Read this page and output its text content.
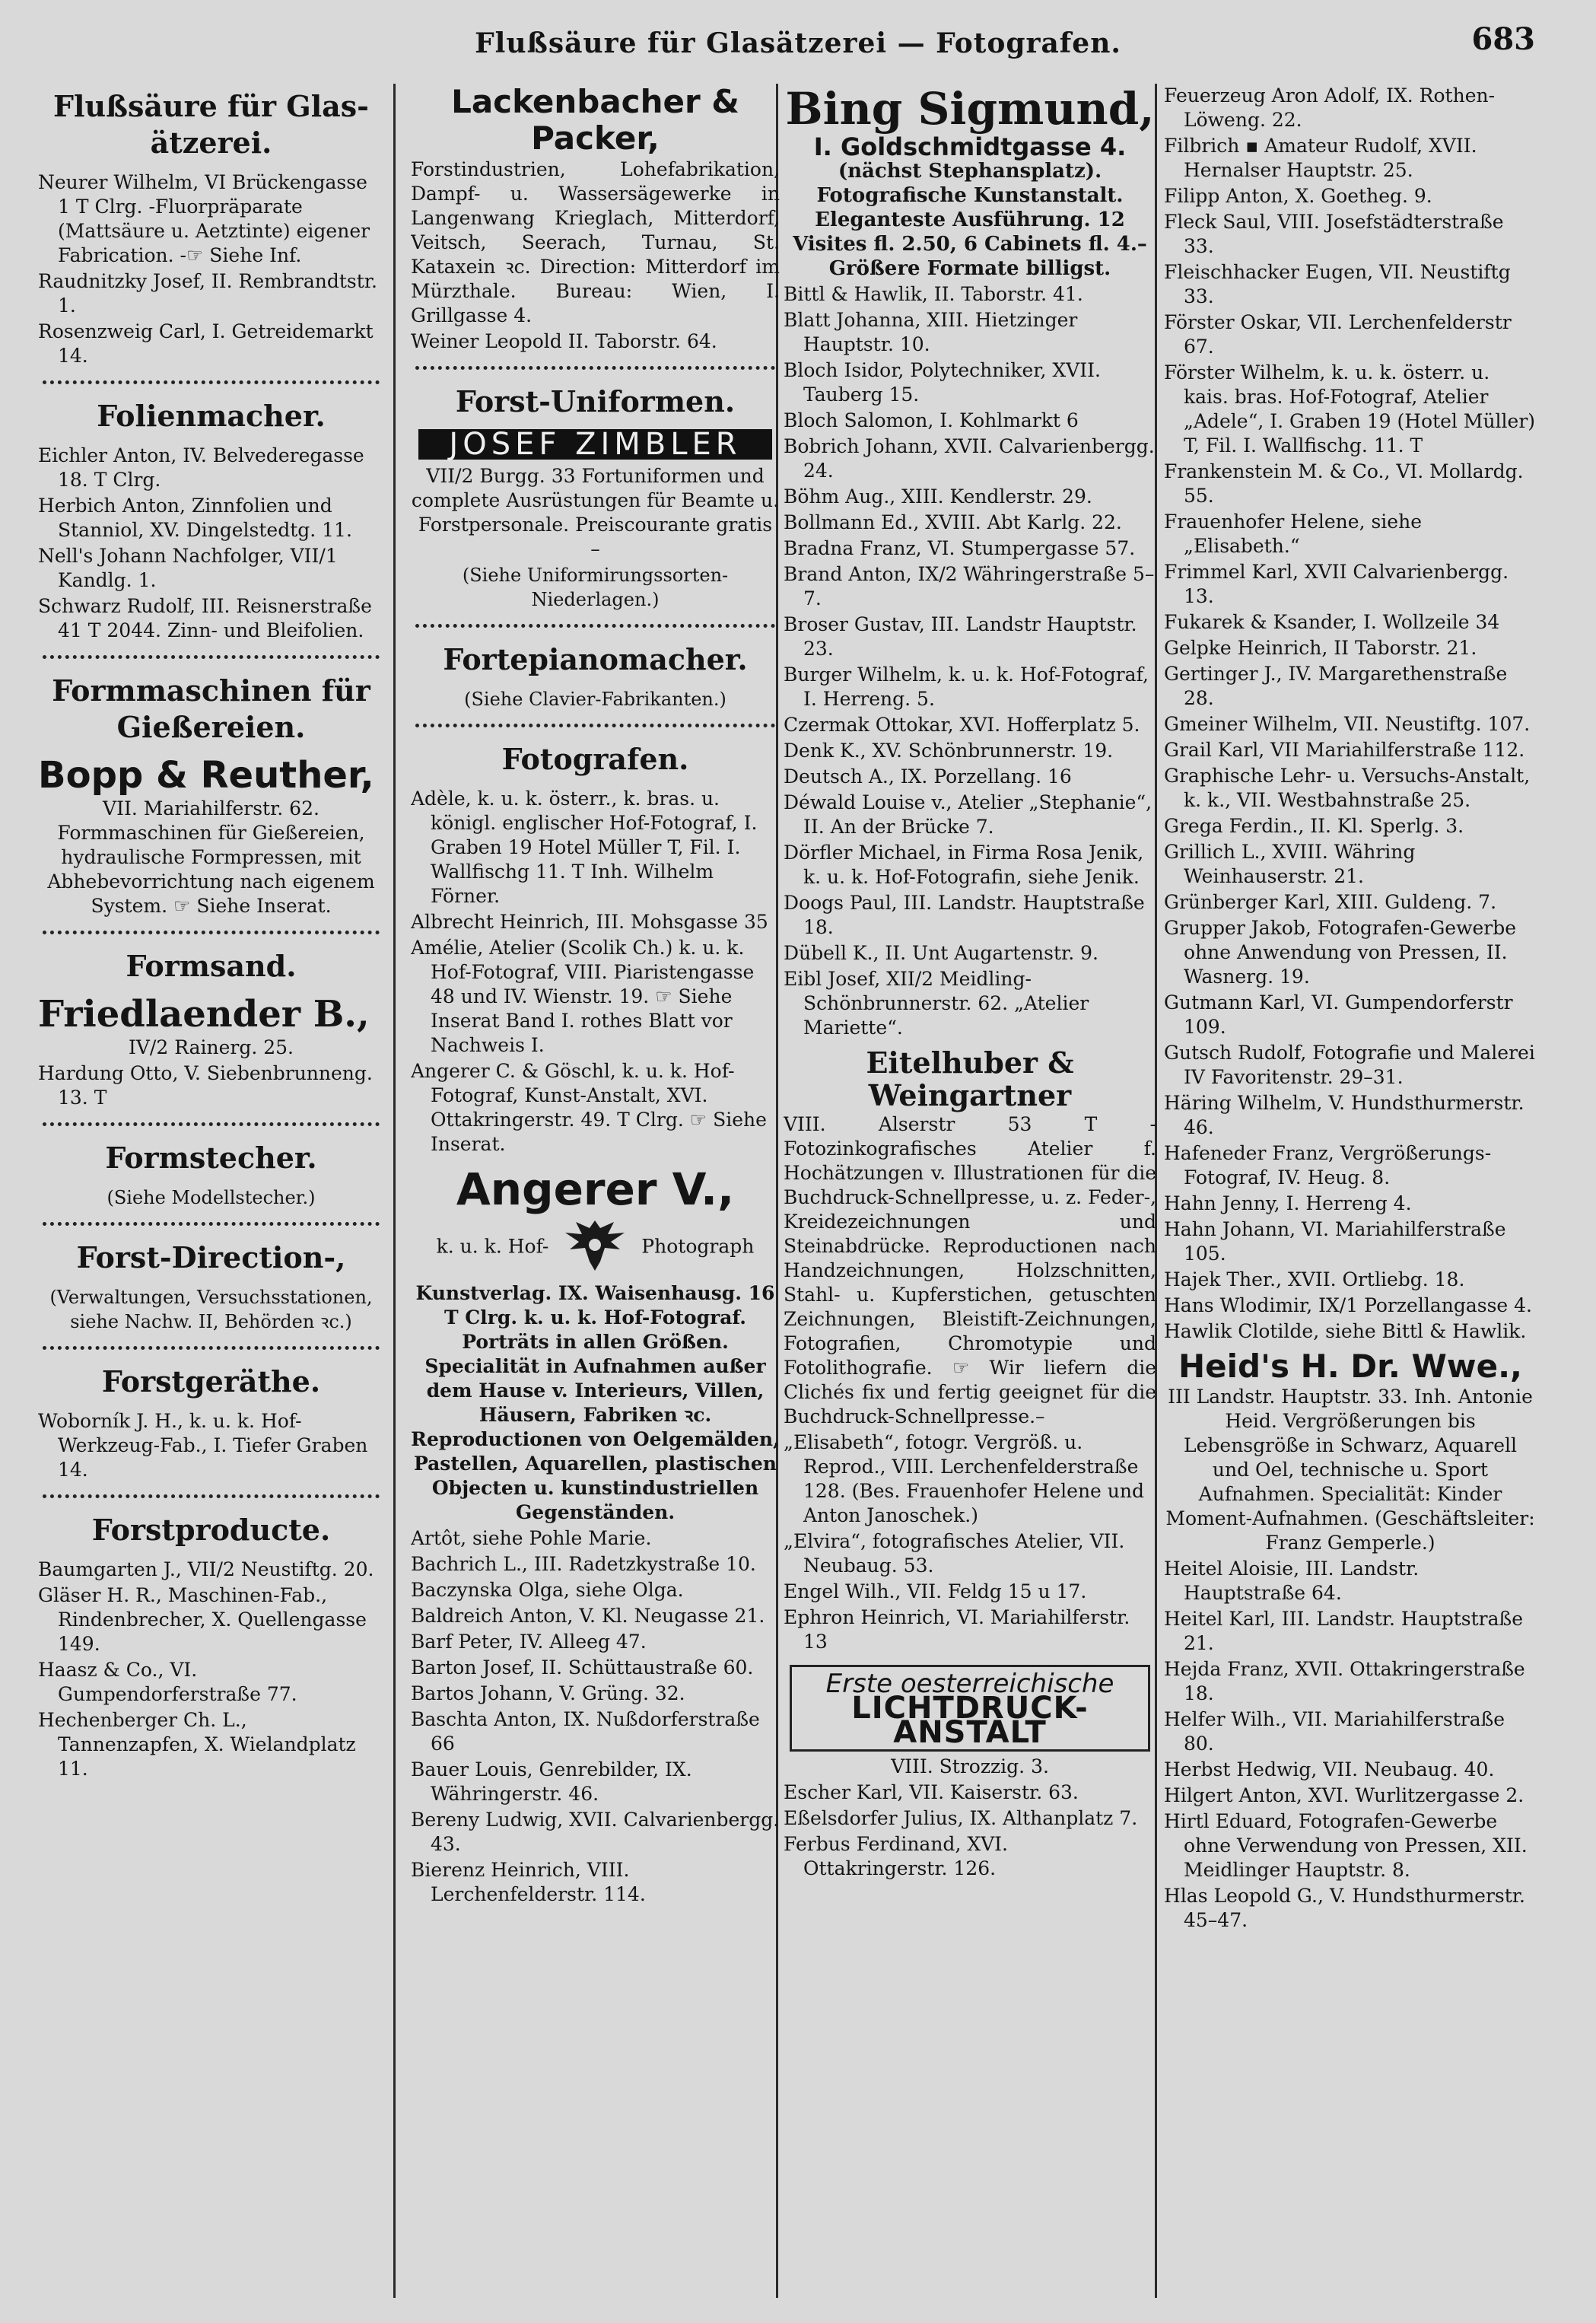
Flußsäure für Glasätzerei — Fotografen.	683
Flußsäure für Glas-ätzerei.

Neurer Wilhelm, VI Brückengasse 1 T Clrg. -Fluorpräparate (Mattsäure u. Aetztinte) eigener Fabrication. -☞ Siehe Inf.

Raudnitzky Josef, II. Rembrandtstr. 1.

Rosenzweig Carl, I. Getreidemarkt 14.

Folienmacher.

Eichler Anton, IV. Belvederegasse 18. T Clrg.

Herbich Anton, Zinnfolien und Stanniol, XV. Dingelstedtg. 11.

Nell's Johann Nachfolger, VII/1 Kandlg. 1.

Schwarz Rudolf, III. Reisnerstraße 41 T 2044. Zinn- und Bleifolien.

Formmaschinen für Gießereien.
Bopp & Reuther,

VII. Mariahilferstr. 62. Formmaschinen für Gießereien, hydraulische Formpressen, mit Abhebevorrichtung nach eigenem System. ☞ Siehe Inserat.

Formsand.
Friedlaender B.,

IV/2 Rainerg. 25.

Hardung Otto, V. Siebenbrunneng. 13. T

Formstecher.
(Siehe Modellstecher.)
Forst-Direction-,
(Verwaltungen, Versuchsstationen, siehe Nachw. II, Behörden ꝛc.)
Forstgeräthe.

Woborník J. H., k. u. k. Hof-Werkzeug-Fab., I. Tiefer Graben 14.

Forstproducte.

Baumgarten J., VII/2 Neustiftg. 20.

Gläser H. R., Maschinen-Fab., Rindenbrecher, X. Quellengasse 149.

Haasz & Co., VI. Gumpendorferstraße 77.

Hechenberger Ch. L., Tannenzapfen, X. Wielandplatz 11.

Lackenbacher & Packer,

Forstindustrien, Lohefabrikation, Dampf- u. Wassersägewerke in Langenwang Krieglach, Mitterdorf, Veitsch, Seerach, Turnau, St. Kataxein ꝛc. Direction: Mitterdorf im Mürzthale. Bureau: Wien, I. Grillgasse 4.

Weiner Leopold II. Taborstr. 64.

Forst-Uniformen.
JOSEF ZIMBLER

VII/2 Burgg. 33 Fortuniformen und complete Ausrüstungen für Beamte u. Forstpersonale. Preiscourante gratis –

(Siehe Uniformirungssorten-Niederlagen.)
Fortepianomacher.
(Siehe Clavier-Fabrikanten.)
Fotografen.

Adèle, k. u. k. österr., k. bras. u. königl. englischer Hof-Fotograf, I. Graben 19 Hotel Müller T, Fil. I. Wallfischg 11. T Inh. Wilhelm Förner.

Albrecht Heinrich, III. Mohsgasse 35

Amélie, Atelier (Scolik Ch.) k. u. k. Hof-Fotograf, VIII. Piaristengasse 48 und IV. Wienstr. 19. ☞ Siehe Inserat Band I. rothes Blatt vor Nachweis I.

Angerer C. & Göschl, k. u. k. Hof-Fotograf, Kunst-Anstalt, XVI. Ottakringerstr. 49. T Clrg. ☞ Siehe Inserat.

Angerer V.,
k. u. k. Hof-	Photograph

Kunstverlag. IX. Waisenhausg. 16 T Clrg. k. u. k. Hof-Fotograf. Porträts in allen Größen. Specialität in Aufnahmen außer dem Hause v. Interieurs, Villen, Häusern, Fabriken ꝛc. Reproductionen von Oelgemälden, Pastellen, Aquarellen, plastischen Objecten u. kunstindustriellen Gegenständen.

Artôt, siehe Pohle Marie.

Bachrich L., III. Radetzkystraße 10.

Baczynska Olga, siehe Olga.

Baldreich Anton, V. Kl. Neugasse 21.

Barf Peter, IV. Alleeg 47.

Barton Josef, II. Schüttaustraße 60.

Bartos Johann, V. Grüng. 32.

Baschta Anton, IX. Nußdorferstraße 66

Bauer Louis, Genrebilder, IX. Währingerstr. 46.

Bereny Ludwig, XVII. Calvarienbergg. 43.

Bierenz Heinrich, VIII. Lerchenfelderstr. 114.

Bing Sigmund,
I. Goldschmidtgasse 4.

(nächst Stephansplatz). Fotografische Kunstanstalt. Eleganteste Ausführung. 12 Visites fl. 2.50, 6 Cabinets fl. 4.– Größere Formate billigst.

Bittl & Hawlik, II. Taborstr. 41.

Blatt Johanna, XIII. Hietzinger Hauptstr. 10.

Bloch Isidor, Polytechniker, XVII. Tauberg 15.

Bloch Salomon, I. Kohlmarkt 6

Bobrich Johann, XVII. Calvarienbergg. 24.

Böhm Aug., XIII. Kendlerstr. 29.

Bollmann Ed., XVIII. Abt Karlg. 22.

Bradna Franz, VI. Stumpergasse 57.

Brand Anton, IX/2 Währingerstraße 5–7.

Broser Gustav, III. Landstr Hauptstr. 23.

Burger Wilhelm, k. u. k. Hof-Fotograf, I. Herreng. 5.

Czermak Ottokar, XVI. Hofferplatz 5.

Denk K., XV. Schönbrunnerstr. 19.

Deutsch A., IX. Porzellang. 16

Déwald Louise v., Atelier „Stephanie“, II. An der Brücke 7.

Dörfler Michael, in Firma Rosa Jenik, k. u. k. Hof-Fotografin, siehe Jenik.

Doogs Paul, III. Landstr. Hauptstraße 18.

Dübell K., II. Unt Augartenstr. 9.

Eibl Josef, XII/2 Meidling-Schönbrunnerstr. 62. „Atelier Mariette“.

Eitelhuber & Weingartner

VIII. Alserstr 53 T -Fotozinkografisches Atelier f. Hochätzungen v. Illustrationen für die Buchdruck-Schnellpresse, u. z. Feder-, Kreidezeichnungen und Steinabdrücke. Reproductionen nach Handzeichnungen, Holzschnitten, Stahl- u. Kupferstichen, getuschten Zeichnungen, Bleistift-Zeichnungen, Fotografien, Chromotypie und Fotolithografie. ☞ Wir liefern die Clichés fix und fertig geeignet für die Buchdruck-Schnellpresse.–

„Elisabeth“, fotogr. Vergröß. u. Reprod., VIII. Lerchenfelderstraße 128. (Bes. Frauenhofer Helene und Anton Janoschek.)

„Elvira“, fotografisches Atelier, VII. Neubaug. 53.

Engel Wilh., VII. Feldg 15 u 17.

Ephron Heinrich, VI. Mariahilferstr. 13

Erste oesterreichische
LICHTDRUCK-ANSTALT

VIII. Strozzig. 3.

Escher Karl, VII. Kaiserstr. 63.

Eßelsdorfer Julius, IX. Althanplatz 7.

Ferbus Ferdinand, XVI. Ottakringerstr. 126.

Feuerzeug Aron Adolf, IX. Rothen-Löweng. 22.

Filbrich ▪ Amateur Rudolf, XVII. Hernalser Hauptstr. 25.

Filipp Anton, X. Goetheg. 9.

Fleck Saul, VIII. Josefstädterstraße 33.

Fleischhacker Eugen, VII. Neustiftg 33.

Förster Oskar, VII. Lerchenfelderstr 67.

Förster Wilhelm, k. u. k. österr. u. kais. bras. Hof-Fotograf, Atelier „Adele“, I. Graben 19 (Hotel Müller) T, Fil. I. Wallfischg. 11. T

Frankenstein M. & Co., VI. Mollardg. 55.

Frauenhofer Helene, siehe „Elisabeth.“

Frimmel Karl, XVII Calvarienbergg. 13.

Fukarek & Ksander, I. Wollzeile 34

Gelpke Heinrich, II Taborstr. 21.

Gertinger J., IV. Margarethenstraße 28.

Gmeiner Wilhelm, VII. Neustiftg. 107.

Grail Karl, VII Mariahilferstraße 112.

Graphische Lehr- u. Versuchs-Anstalt, k. k., VII. Westbahnstraße 25.

Grega Ferdin., II. Kl. Sperlg. 3.

Grillich L., XVIII. Währing Weinhauserstr. 21.

Grünberger Karl, XIII. Guldeng. 7.

Grupper Jakob, Fotografen-Gewerbe ohne Anwendung von Pressen, II. Wasnerg. 19.

Gutmann Karl, VI. Gumpendorferstr 109.

Gutsch Rudolf, Fotografie und Malerei IV Favoritenstr. 29–31.

Häring Wilhelm, V. Hundsthurmerstr. 46.

Hafeneder Franz, Vergrößerungs-Fotograf, IV. Heug. 8.

Hahn Jenny, I. Herreng 4.

Hahn Johann, VI. Mariahilferstraße 105.

Hajek Ther., XVII. Ortliebg. 18.

Hans Wlodimir, IX/1 Porzellangasse 4.

Hawlik Clotilde, siehe Bittl & Hawlik.

Heid's H. Dr. Wwe.,

III Landstr. Hauptstr. 33. Inh. Antonie Heid. Vergrößerungen bis Lebensgröße in Schwarz, Aquarell und Oel, technische u. Sport Aufnahmen. Specialität: Kinder Moment-Aufnahmen. (Geschäftsleiter: Franz Gemperle.)

Heitel Aloisie, III. Landstr. Hauptstraße 64.

Heitel Karl, III. Landstr. Hauptstraße 21.

Hejda Franz, XVII. Ottakringerstraße 18.

Helfer Wilh., VII. Mariahilferstraße 80.

Herbst Hedwig, VII. Neubaug. 40.

Hilgert Anton, XVI. Wurlitzergasse 2.

Hirtl Eduard, Fotografen-Gewerbe ohne Verwendung von Pressen, XII. Meidlinger Hauptstr. 8.

Hlas Leopold G., V. Hundsthurmerstr. 45–47.
